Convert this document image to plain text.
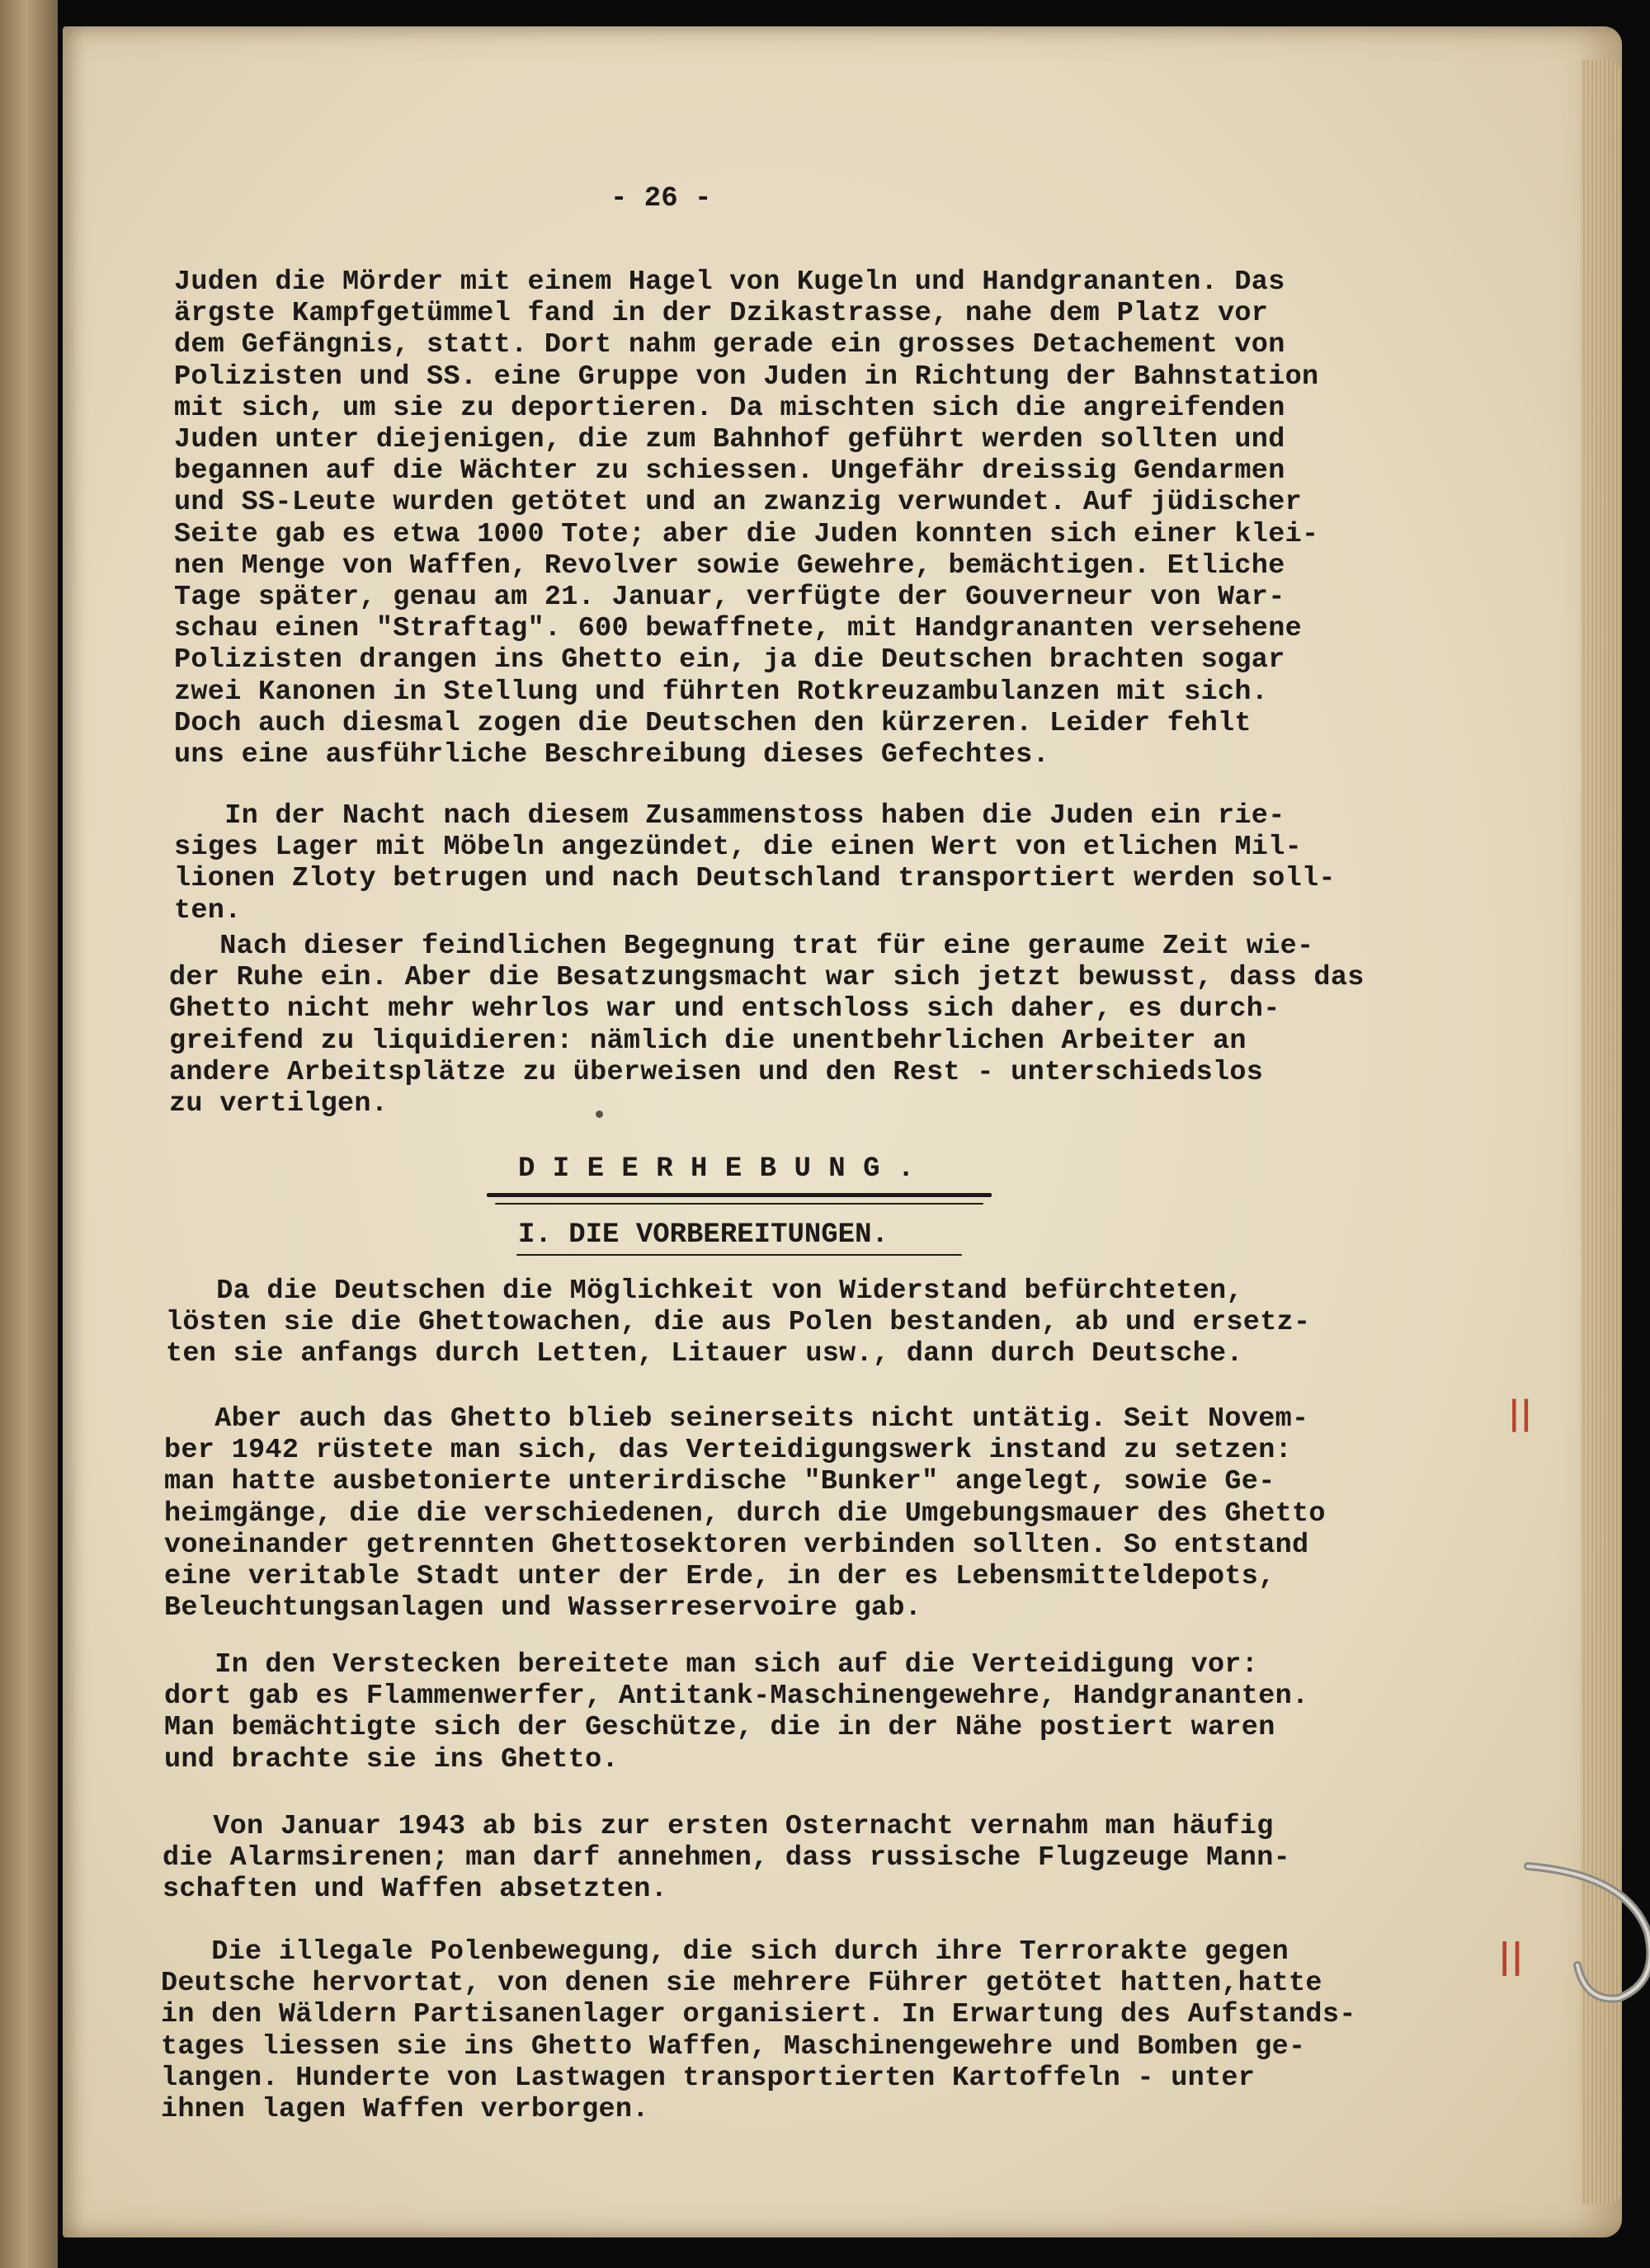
- 26 -

Juden die Mörder mit einem Hagel von Kugeln und Handgrananten. Das
ärgste Kampfgetümmel fand in der Dzikastrasse, nahe dem Platz vor
dem Gefängnis, statt. Dort nahm gerade ein grosses Detachement von
Polizisten und SS. eine Gruppe von Juden in Richtung der Bahnstation
mit sich, um sie zu deportieren. Da mischten sich die angreifenden
Juden unter diejenigen, die zum Bahnhof geführt werden sollten und
begannen auf die Wächter zu schiessen. Ungefähr dreissig Gendarmen
und SS-Leute wurden getötet und an zwanzig verwundet. Auf jüdischer
Seite gab es etwa 1000 Tote; aber die Juden konnten sich einer klei-
nen Menge von Waffen, Revolver sowie Gewehre, bemächtigen. Etliche
Tage später, genau am 21. Januar, verfügte der Gouverneur von War-
schau einen "Straftag". 600 bewaffnete, mit Handgrananten versehene
Polizisten drangen ins Ghetto ein, ja die Deutschen brachten sogar
zwei Kanonen in Stellung und führten Rotkreuzambulanzen mit sich.
Doch auch diesmal zogen die Deutschen den kürzeren. Leider fehlt
uns eine ausführliche Beschreibung dieses Gefechtes.

In der Nacht nach diesem Zusammenstoss haben die Juden ein rie-
siges Lager mit Möbeln angezündet, die einen Wert von etlichen Mil-
lionen Zloty betrugen und nach Deutschland transportiert werden soll-
ten.

Nach dieser feindlichen Begegnung trat für eine geraume Zeit wie-
der Ruhe ein. Aber die Besatzungsmacht war sich jetzt bewusst, dass das
Ghetto nicht mehr wehrlos war und entschloss sich daher, es durch-
greifend zu liquidieren: nämlich die unentbehrlichen Arbeiter an
andere Arbeitsplätze zu überweisen und den Rest - unterschiedslos
zu vertilgen.

D I E E R H E B U N G .
I. DIE VORBEREITUNGEN.

Da die Deutschen die Möglichkeit von Widerstand befürchteten,
lösten sie die Ghettowachen, die aus Polen bestanden, ab und ersetz-
ten sie anfangs durch Letten, Litauer usw., dann durch Deutsche.

Aber auch das Ghetto blieb seinerseits nicht untätig. Seit Novem-
ber 1942 rüstete man sich, das Verteidigungswerk instand zu setzen:
man hatte ausbetonierte unterirdische "Bunker" angelegt, sowie Ge-
heimgänge, die die verschiedenen, durch die Umgebungsmauer des Ghetto
voneinander getrennten Ghettosektoren verbinden sollten. So entstand
eine veritable Stadt unter der Erde, in der es Lebensmitteldepots,
Beleuchtungsanlagen und Wasserreservoire gab.

In den Verstecken bereitete man sich auf die Verteidigung vor:
dort gab es Flammenwerfer, Antitank-Maschinengewehre, Handgrananten.
Man bemächtigte sich der Geschütze, die in der Nähe postiert waren
und brachte sie ins Ghetto.

Von Januar 1943 ab bis zur ersten Osternacht vernahm man häufig
die Alarmsirenen; man darf annehmen, dass russische Flugzeuge Mann-
schaften und Waffen absetzten.

Die illegale Polenbewegung, die sich durch ihre Terrorakte gegen
Deutsche hervortat, von denen sie mehrere Führer getötet hatten,hatte
in den Wäldern Partisanenlager organisiert. In Erwartung des Aufstands-
tages liessen sie ins Ghetto Waffen, Maschinengewehre und Bomben ge-
langen. Hunderte von Lastwagen transportierten Kartoffeln - unter
ihnen lagen Waffen verborgen.

||
||
